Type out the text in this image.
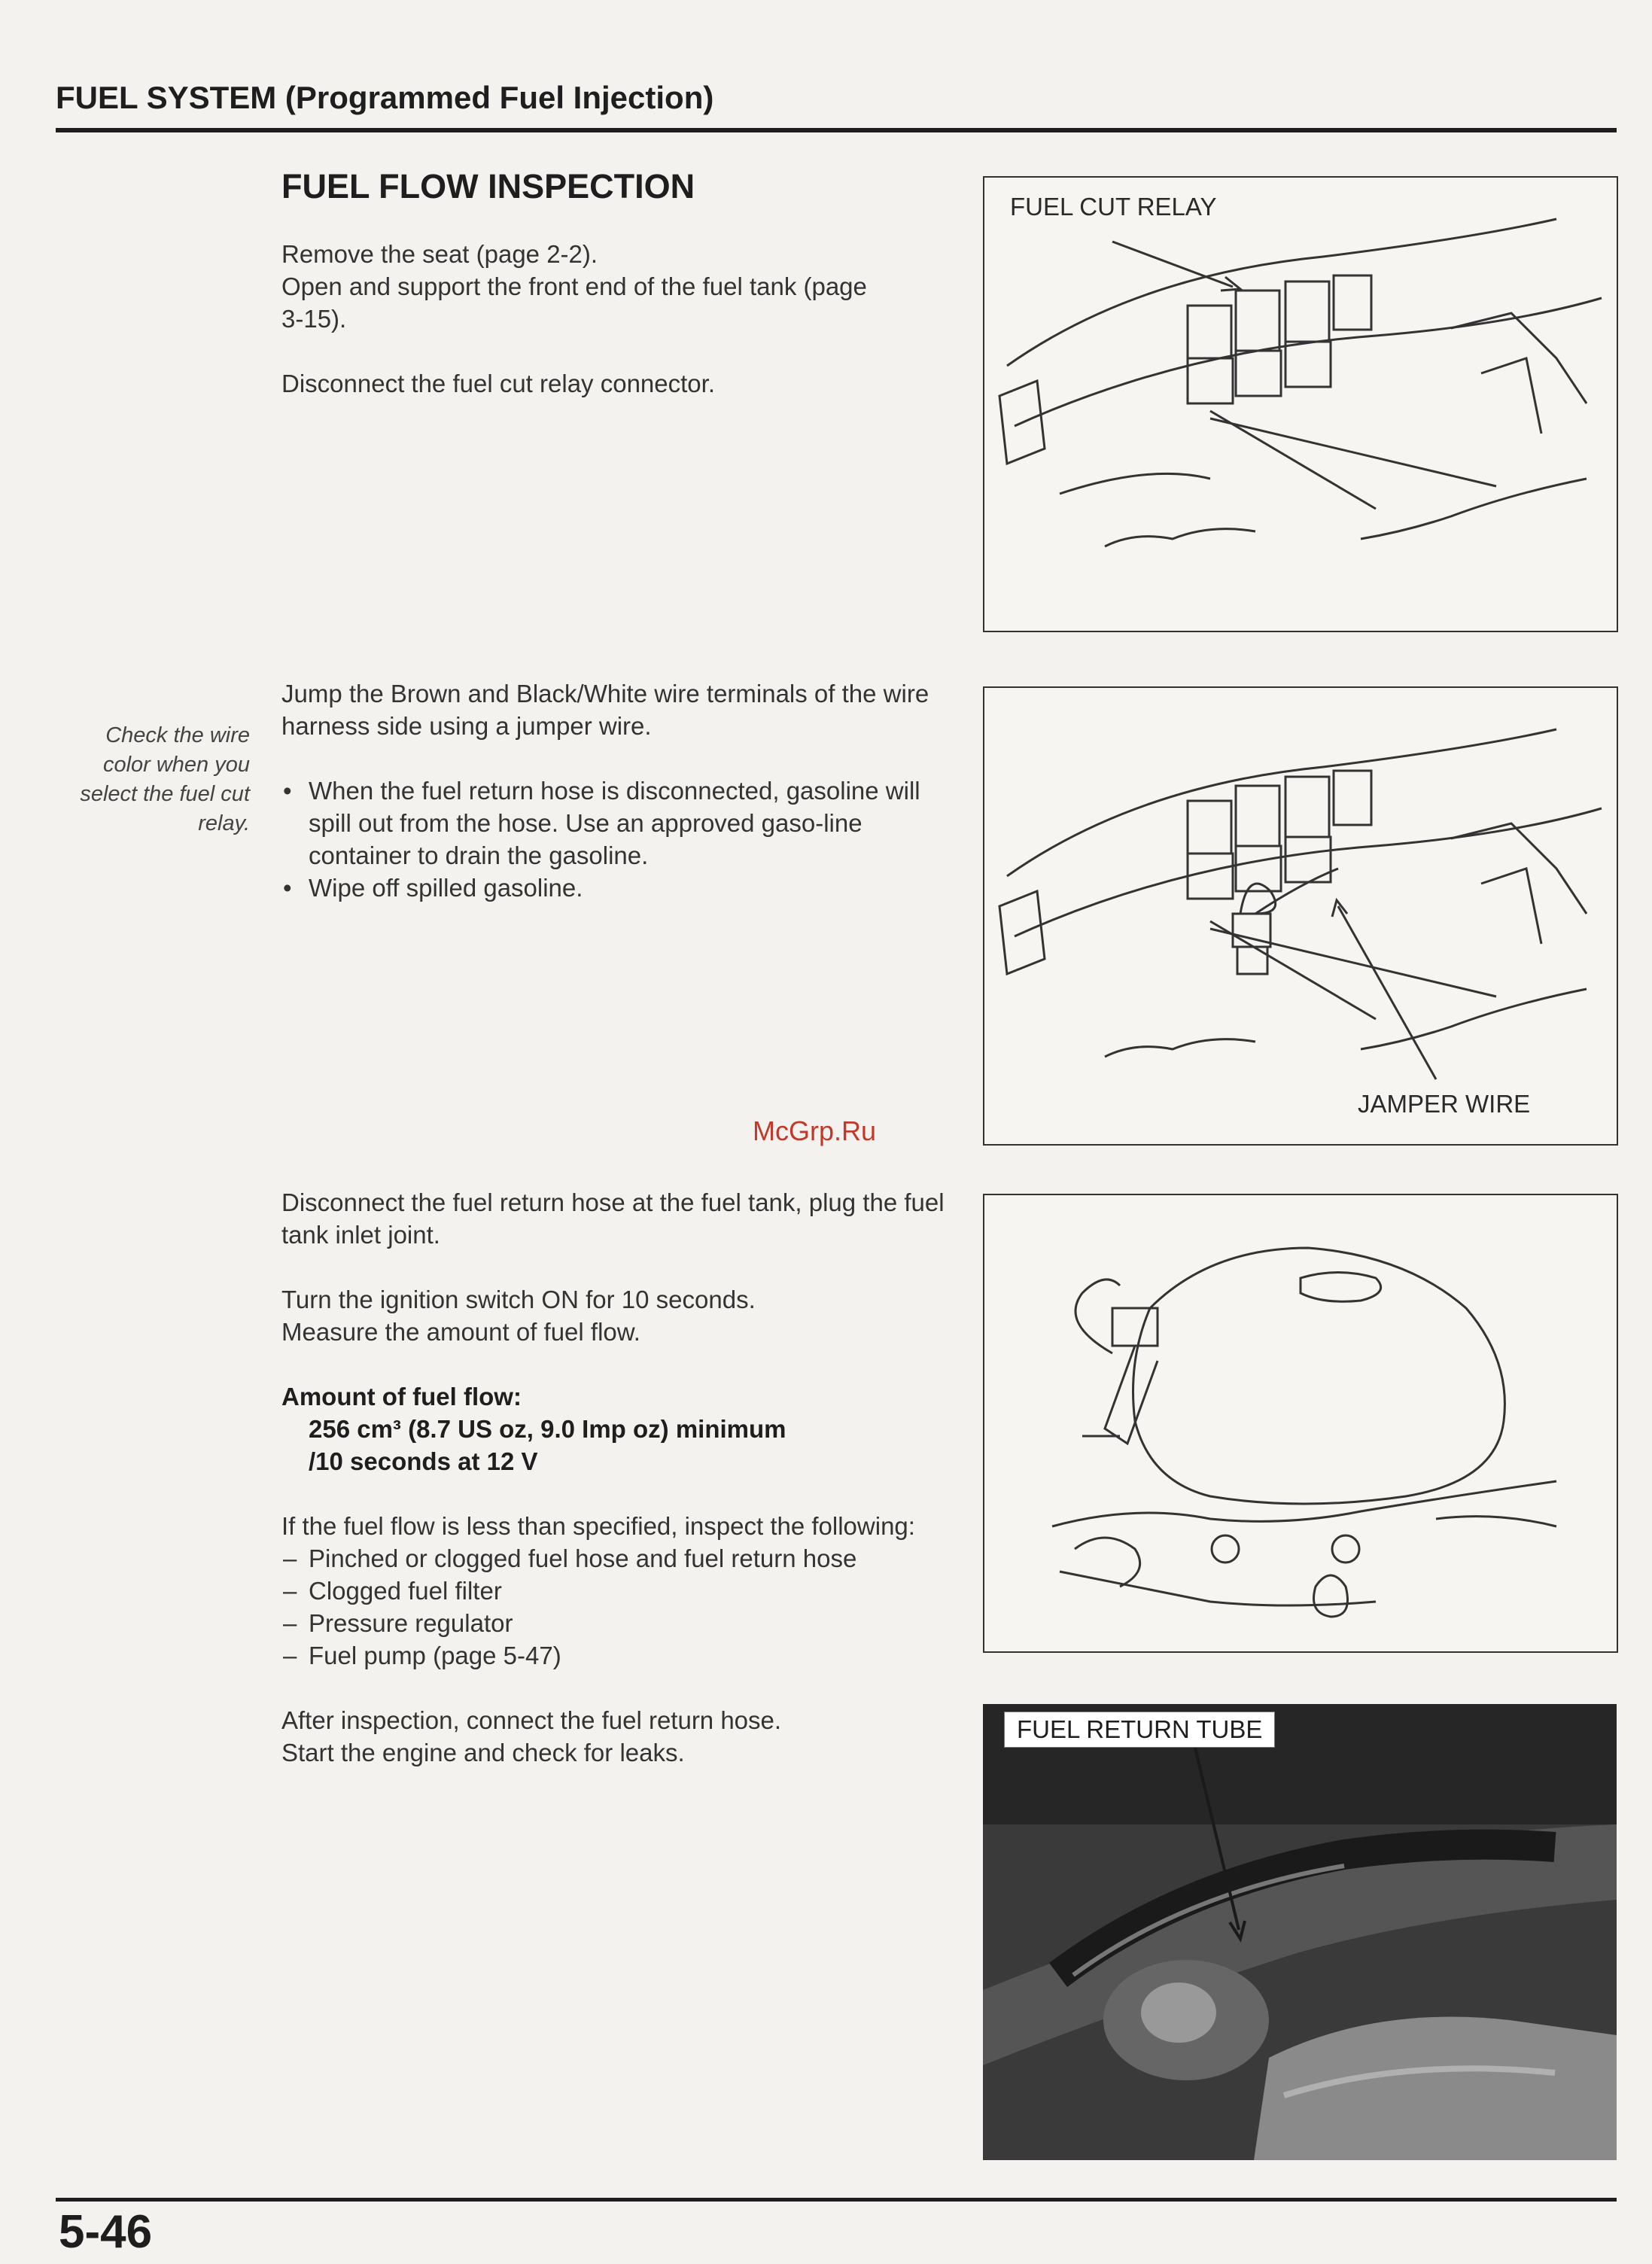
FUEL SYSTEM (Programmed Fuel Injection)
FUEL FLOW INSPECTION

Remove the seat (page 2-2).

Open and support the front end of the fuel tank (page 3-15).

Disconnect the fuel cut relay connector.

FUEL CUT RELAY
Check the wire color when you select the fuel cut relay.

Jump the Brown and Black/White wire terminals of the wire harness side using a jumper wire.

• When the fuel return hose is disconnected, gasoline will spill out from the hose. Use an approved gaso-line container to drain the gasoline.
• Wipe off spilled gasoline.
JAMPER WIRE
McGrp.Ru

Disconnect the fuel return hose at the fuel tank, plug the fuel tank inlet joint.

Turn the ignition switch ON for 10 seconds.

Measure the amount of fuel flow.

Amount of fuel flow:

256 cm³ (8.7 US oz, 9.0 Imp oz) minimum

/10 seconds at 12 V

If the fuel flow is less than specified, inspect the following:

– Pinched or clogged fuel hose and fuel return hose
– Clogged fuel filter
– Pressure regulator
– Fuel pump (page 5-47)

After inspection, connect the fuel return hose.

Start the engine and check for leaks.

FUEL RETURN TUBE
5-46
